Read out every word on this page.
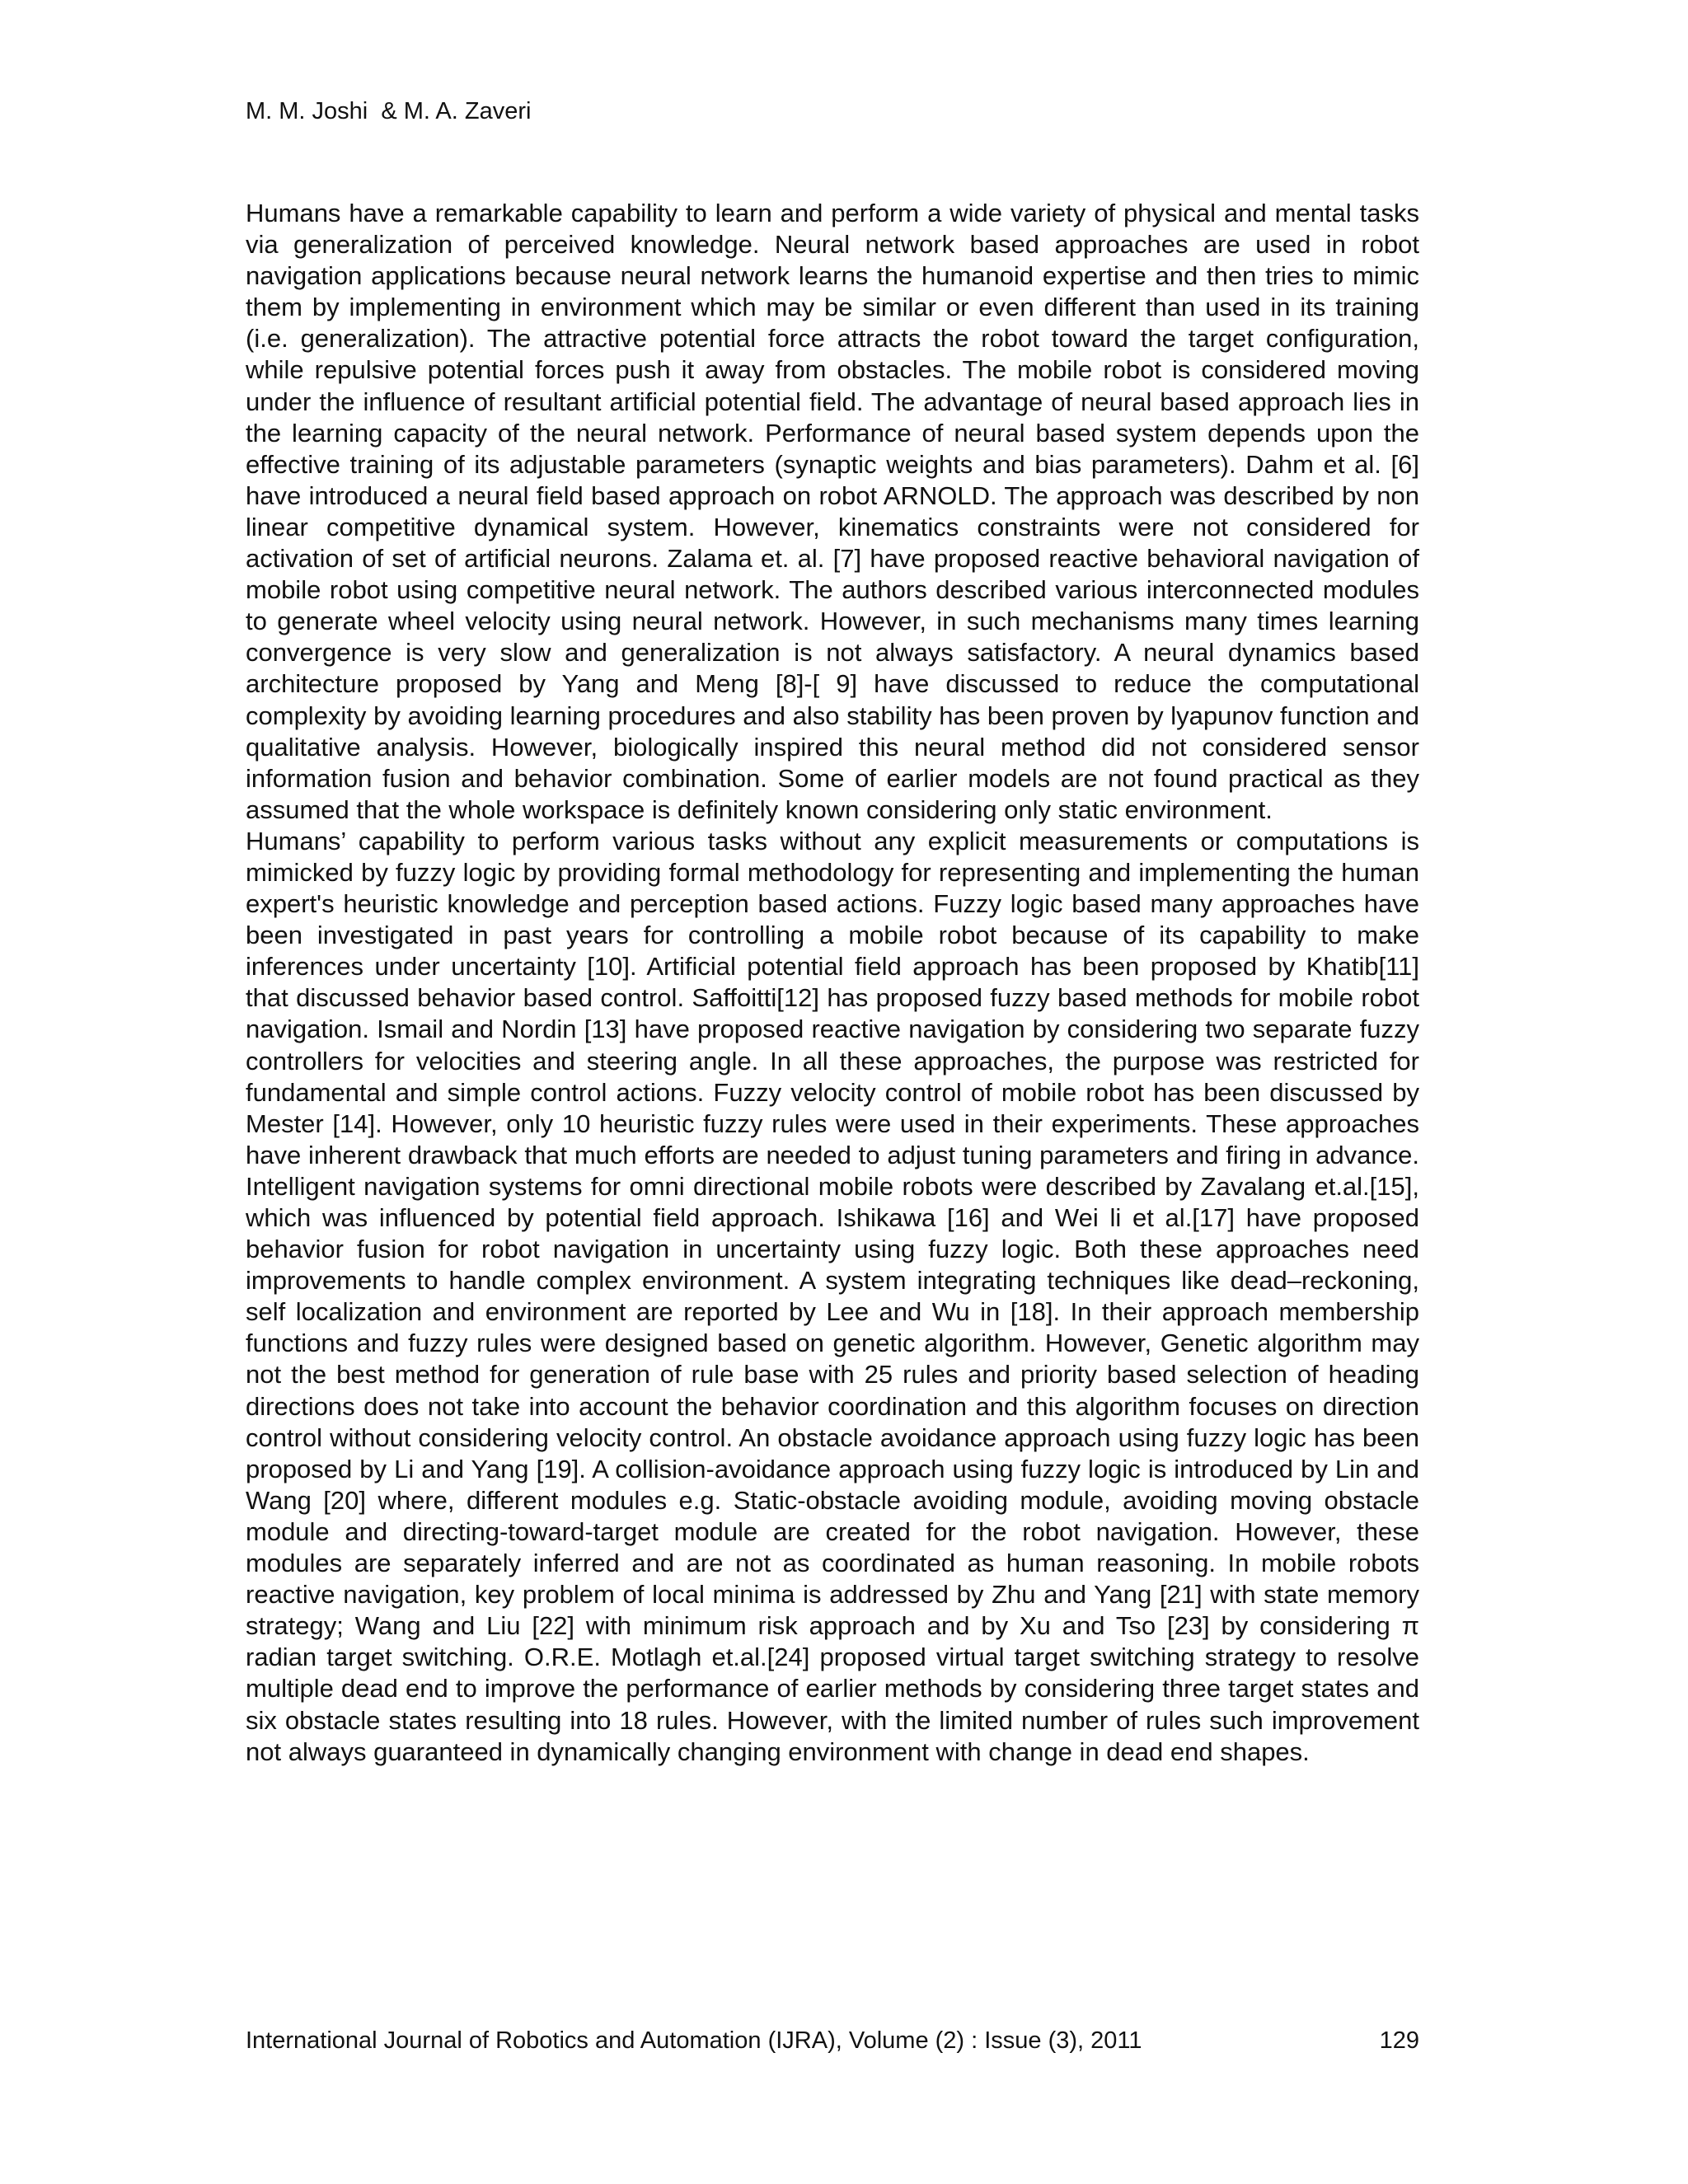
M. M. Joshi  & M. A. Zaveri

Humans have a remarkable capability to learn and perform a wide variety of physical and mental tasks via generalization of perceived knowledge. Neural network based approaches are used in robot navigation applications because neural network learns the humanoid expertise and then tries to mimic them by implementing in environment which may be similar or even different than used in its training (i.e. generalization). The attractive potential force attracts the robot toward the target configuration, while repulsive potential forces push it away from obstacles. The mobile robot is considered moving under the influence of resultant artificial potential field. The advantage of neural based approach lies in the learning capacity of the neural network. Performance of neural based system depends upon the effective training of its adjustable parameters (synaptic weights and bias parameters). Dahm et al. [6] have introduced a neural field based approach on robot ARNOLD. The approach was described by non linear competitive dynamical system. However, kinematics constraints were not considered for activation of set of artificial neurons. Zalama et. al. [7] have proposed reactive behavioral navigation of mobile robot using competitive neural network. The authors described various interconnected modules to generate wheel velocity using neural network. However, in such mechanisms many times learning convergence is very slow and generalization is not always satisfactory. A neural dynamics based architecture proposed by Yang and Meng [8]-[ 9] have discussed to reduce the computational complexity by avoiding learning procedures and also stability has been proven by lyapunov function and qualitative analysis. However, biologically inspired this neural method did not considered sensor information fusion and behavior combination. Some of earlier models are not found practical as they assumed that the whole workspace is definitely known considering only static environment.

Humans’ capability to perform various tasks without any explicit measurements or computations is mimicked by fuzzy logic by providing formal methodology for representing and implementing the human expert's heuristic knowledge and perception based actions. Fuzzy logic based many approaches have been investigated in past years for controlling a mobile robot because of its capability to make inferences under uncertainty [10]. Artificial potential field approach has been proposed by Khatib[11] that discussed behavior based control. Saffoitti[12] has proposed fuzzy based methods for mobile robot navigation. Ismail and Nordin [13] have proposed reactive navigation by considering two separate fuzzy controllers for velocities and steering angle. In all these approaches, the purpose was restricted for fundamental and simple control actions. Fuzzy velocity control of mobile robot has been discussed by Mester [14]. However, only 10 heuristic fuzzy rules were used in their experiments. These approaches have inherent drawback that much efforts are needed to adjust tuning parameters and firing in advance. Intelligent navigation systems for omni directional mobile robots were described by Zavalang et.al.[15], which was influenced by potential field approach. Ishikawa [16] and Wei li et al.[17] have proposed behavior fusion for robot navigation in uncertainty using fuzzy logic. Both these approaches need improvements to handle complex environment. A system integrating techniques like dead–reckoning, self localization and environment are reported by Lee and Wu in [18]. In their approach membership functions and fuzzy rules were designed based on genetic algorithm. However, Genetic algorithm may not the best method for generation of rule base with 25 rules and priority based selection of heading directions does not take into account the behavior coordination and this algorithm focuses on direction control without considering velocity control. An obstacle avoidance approach using fuzzy logic has been proposed by Li and Yang [19]. A collision-avoidance approach using fuzzy logic is introduced by Lin and Wang [20] where, different modules e.g. Static-obstacle avoiding module, avoiding moving obstacle module and directing-toward-target module are created for the robot navigation. However, these modules are separately inferred and are not as coordinated as human reasoning. In mobile robots reactive navigation, key problem of local minima is addressed by Zhu and Yang [21] with state memory strategy; Wang and Liu [22] with minimum risk approach and by Xu and Tso [23] by considering π radian target switching. O.R.E. Motlagh et.al.[24] proposed virtual target switching strategy to resolve multiple dead end to improve the performance of earlier methods by considering three target states and six obstacle states resulting into 18 rules. However, with the limited number of rules such improvement not always guaranteed in dynamically changing environment with change in dead end shapes.

International Journal of Robotics and Automation (IJRA), Volume (2) : Issue (3), 2011	129
